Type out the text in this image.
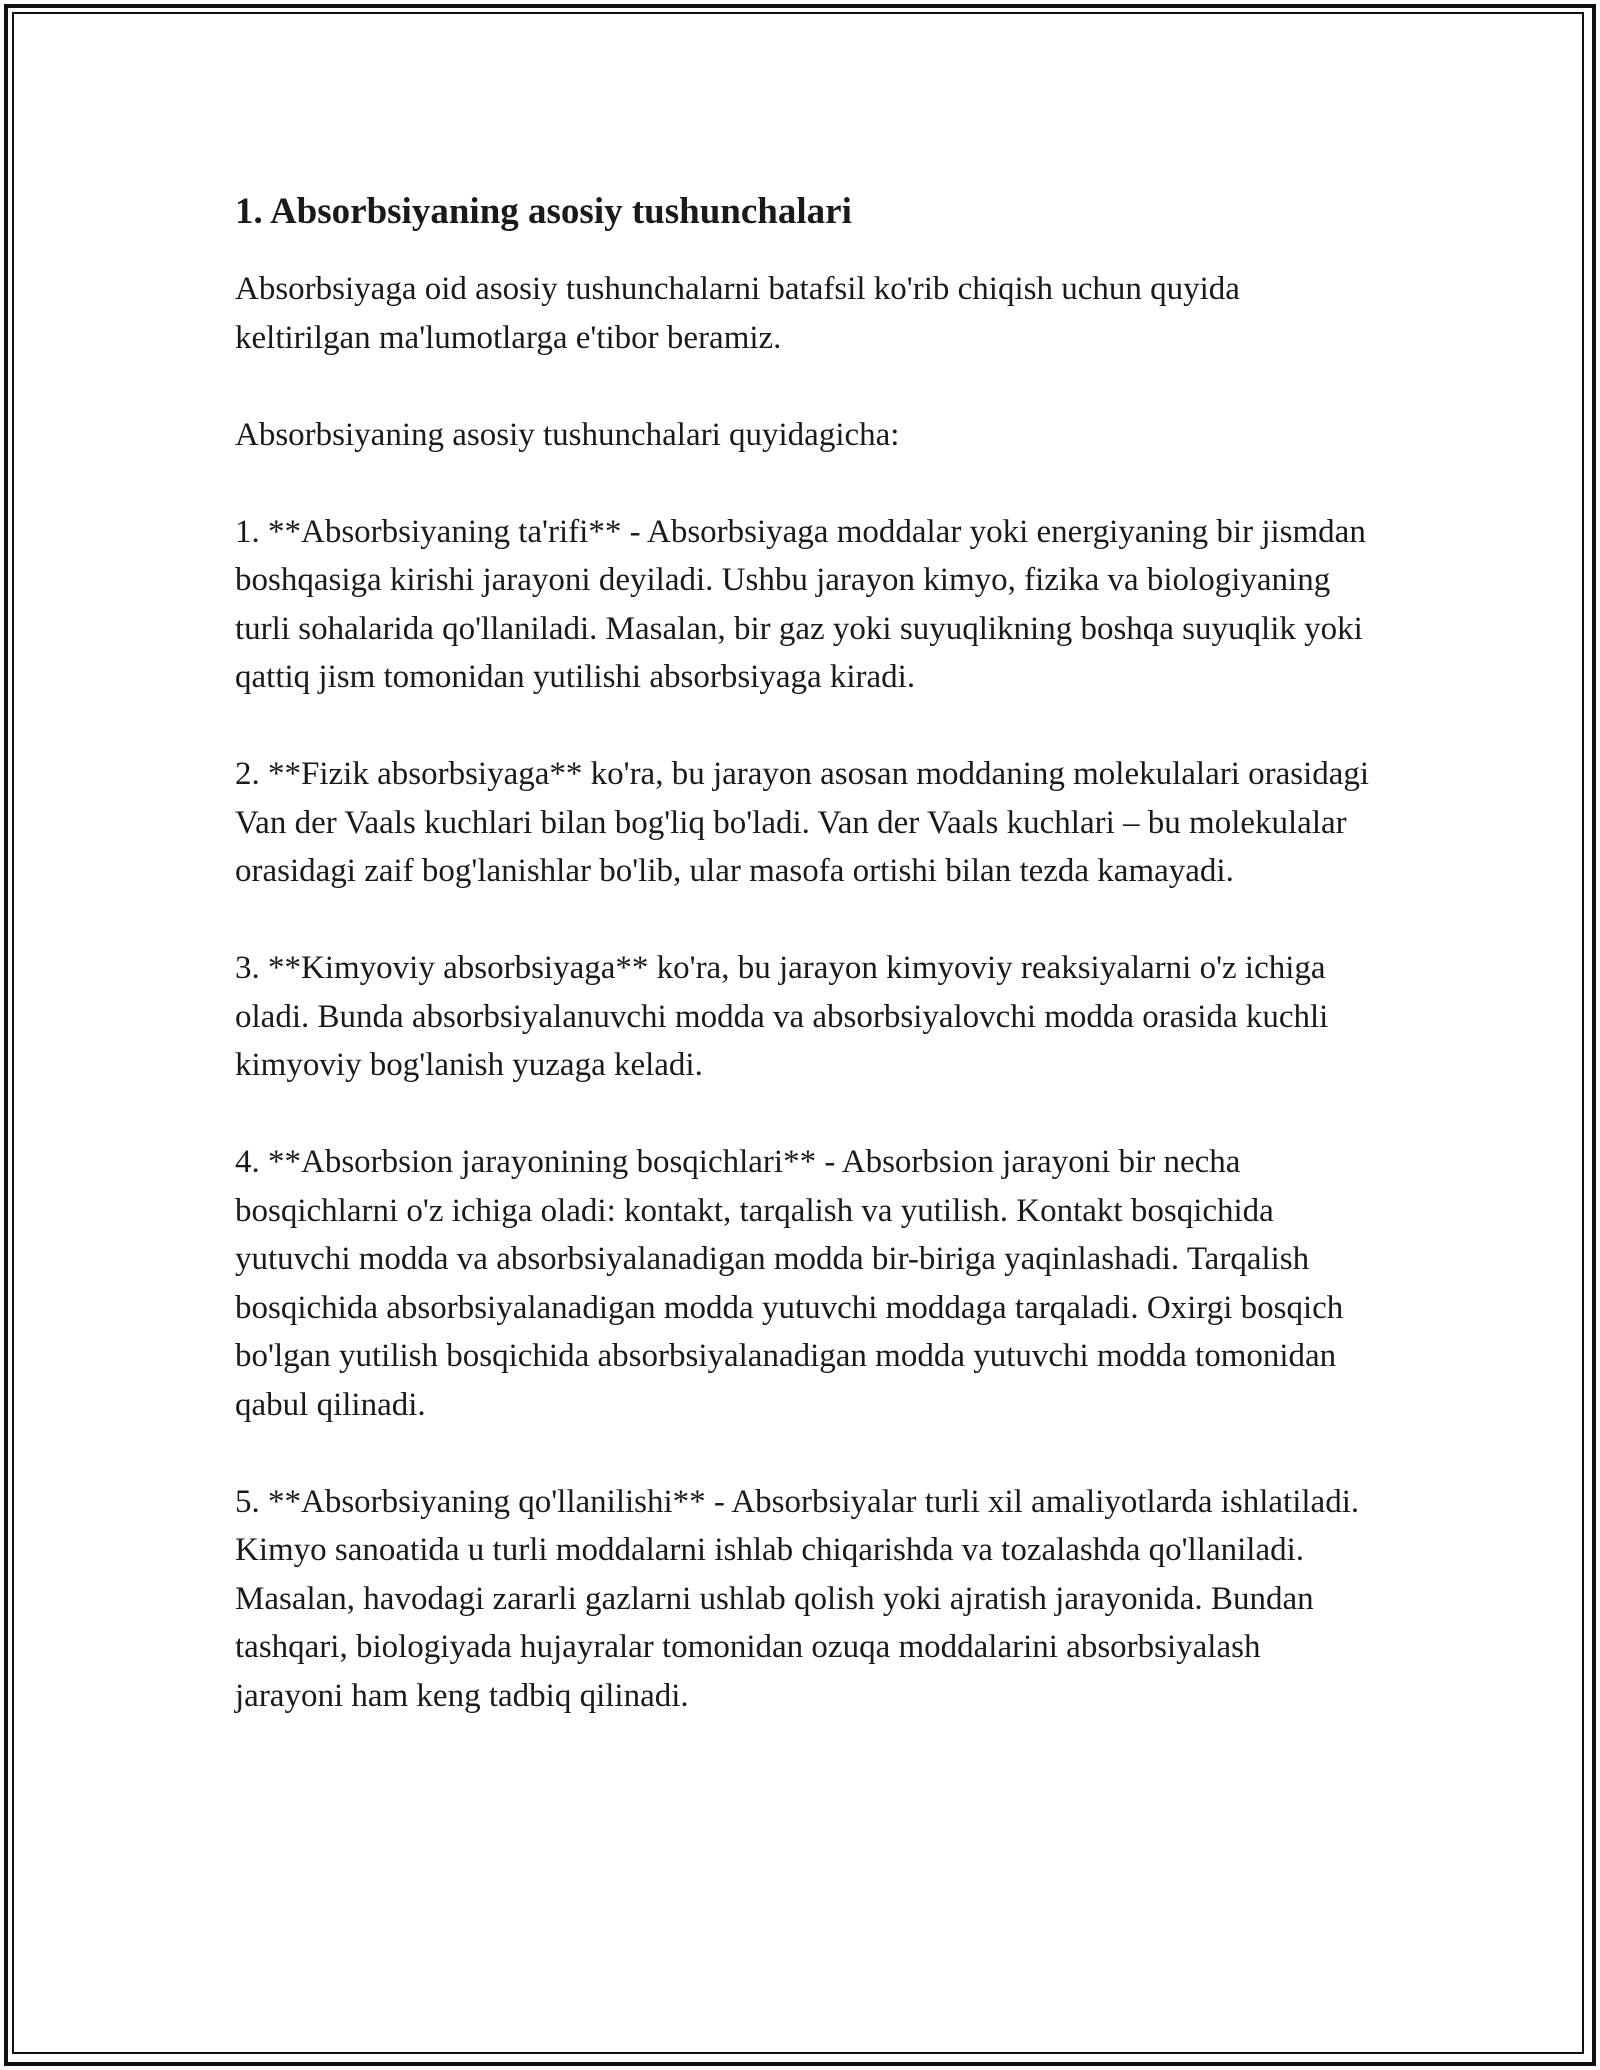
1. Absorbsiyaning asosiy tushunchalari

Absorbsiyaga oid asosiy tushunchalarni batafsil ko'rib chiqish uchun quyida keltirilgan ma'lumotlarga e'tibor beramiz.

Absorbsiyaning asosiy tushunchalari quyidagicha:

1. **Absorbsiyaning ta'rifi** - Absorbsiyaga moddalar yoki energiyaning bir jismdan boshqasiga kirishi jarayoni deyiladi. Ushbu jarayon kimyo, fizika va biologiyaning turli sohalarida qo'llaniladi. Masalan, bir gaz yoki suyuqlikning boshqa suyuqlik yoki qattiq jism tomonidan yutilishi absorbsiyaga kiradi.

2. **Fizik absorbsiyaga** ko'ra, bu jarayon asosan moddaning molekulalari orasidagi Van der Vaals kuchlari bilan bog'liq bo'ladi. Van der Vaals kuchlari – bu molekulalar orasidagi zaif bog'lanishlar bo'lib, ular masofa ortishi bilan tezda kamayadi.

3. **Kimyoviy absorbsiyaga** ko'ra, bu jarayon kimyoviy reaksiyalarni o'z ichiga oladi. Bunda absorbsiyalanuvchi modda va absorbsiyalovchi modda orasida kuchli kimyoviy bog'lanish yuzaga keladi.

4. **Absorbsion jarayonining bosqichlari** - Absorbsion jarayoni bir necha bosqichlarni o'z ichiga oladi: kontakt, tarqalish va yutilish. Kontakt bosqichida yutuvchi modda va absorbsiyalanadigan modda bir-biriga yaqinlashadi. Tarqalish bosqichida absorbsiyalanadigan modda yutuvchi moddaga tarqaladi. Oxirgi bosqich bo'lgan yutilish bosqichida absorbsiyalanadigan modda yutuvchi modda tomonidan qabul qilinadi.

5. **Absorbsiyaning qo'llanilishi** - Absorbsiyalar turli xil amaliyotlarda ishlatiladi. Kimyo sanoatida u turli moddalarni ishlab chiqarishda va tozalashda qo'llaniladi. Masalan, havodagi zararli gazlarni ushlab qolish yoki ajratish jarayonida. Bundan tashqari, biologiyada hujayralar tomonidan ozuqa moddalarini absorbsiyalash jarayoni ham keng tadbiq qilinadi.
